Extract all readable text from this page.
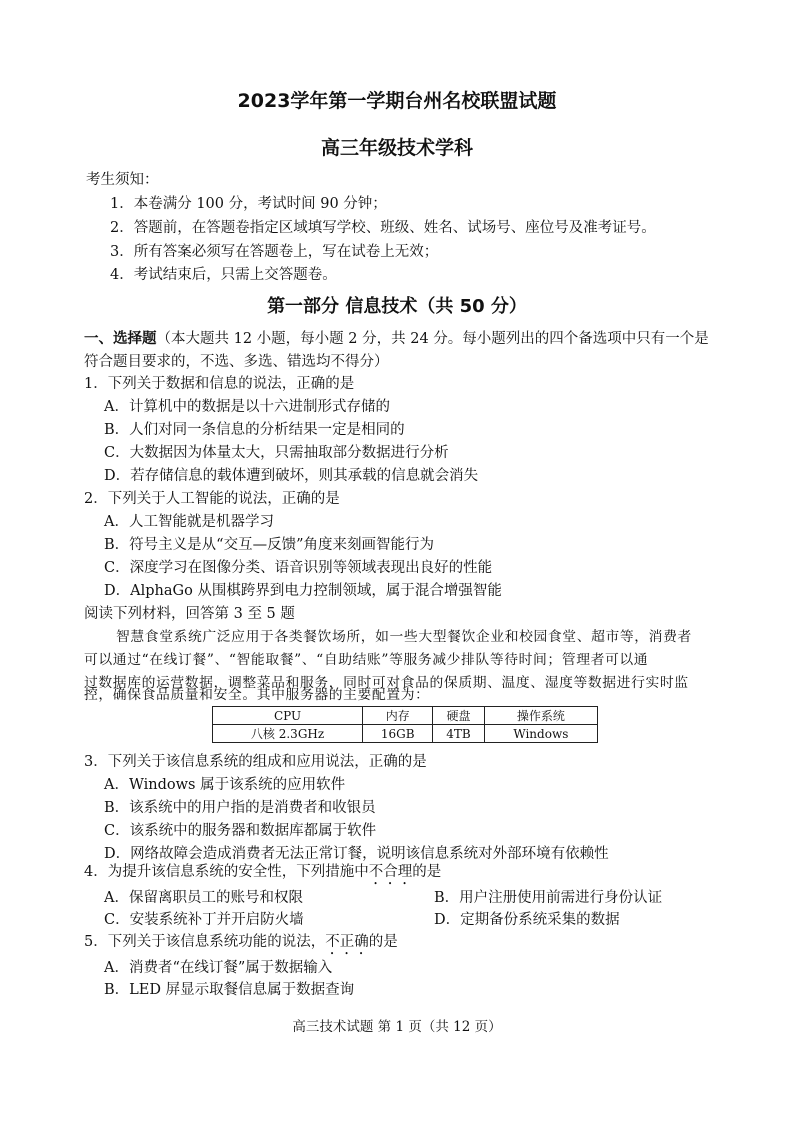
2023学年第一学期台州名校联盟试题
高三年级技术学科
考生须知：
1．本卷满分 100 分，考试时间 90 分钟；
2．答题前，在答题卷指定区域填写学校、班级、姓名、试场号、座位号及准考证号。
3．所有答案必须写在答题卷上，写在试卷上无效；
4．考试结束后，只需上交答题卷。
第一部分 信息技术（共 50 分）
一、选择题（本大题共 12 小题，每小题 2 分，共 24 分。每小题列出的四个备选项中只有一个是
符合题目要求的，不选、多选、错选均不得分）
1．下列关于数据和信息的说法，正确的是
A．计算机中的数据是以十六进制形式存储的
B．人们对同一条信息的分析结果一定是相同的
C．大数据因为体量太大，只需抽取部分数据进行分析
D．若存储信息的载体遭到破坏，则其承载的信息就会消失
2．下列关于人工智能的说法，正确的是
A．人工智能就是机器学习
B．符号主义是从“交互—反馈”角度来刻画智能行为
C．深度学习在图像分类、语音识别等领域表现出良好的性能
D．AlphaGo 从围棋跨界到电力控制领域，属于混合增强智能
阅读下列材料，回答第 3 至 5 题
智慧食堂系统广泛应用于各类餐饮场所，如一些大型餐饮企业和校园食堂、超市等，消费者
可以通过“在线订餐”、“智能取餐”、“自助结账”等服务减少排队等待时间；管理者可以通
过数据库的运营数据，调整菜品和服务，同时可对食品的保质期、温度、湿度等数据进行实时监
控，确保食品质量和安全。其中服务器的主要配置为：
CPU	内存	硬盘	操作系统
八核 2.3GHz	16GB	4TB	Windows
3．下列关于该信息系统的组成和应用说法，正确的是
A．Windows 属于该系统的应用软件
B．该系统中的用户指的是消费者和收银员
C．该系统中的服务器和数据库都属于软件
D．网络故障会造成消费者无法正常订餐，说明该信息系统对外部环境有依赖性
4．为提升该信息系统的安全性，下列措施中不合理的是
A．保留离职员工的账号和权限	B．用户注册使用前需进行身份认证
C．安装系统补丁并开启防火墙	D．定期备份系统采集的数据
5．下列关于该信息系统功能的说法，不正确的是
A．消费者“在线订餐”属于数据输入
B．LED 屏显示取餐信息属于数据查询
高三技术试题 第 1 页（共 12 页）
